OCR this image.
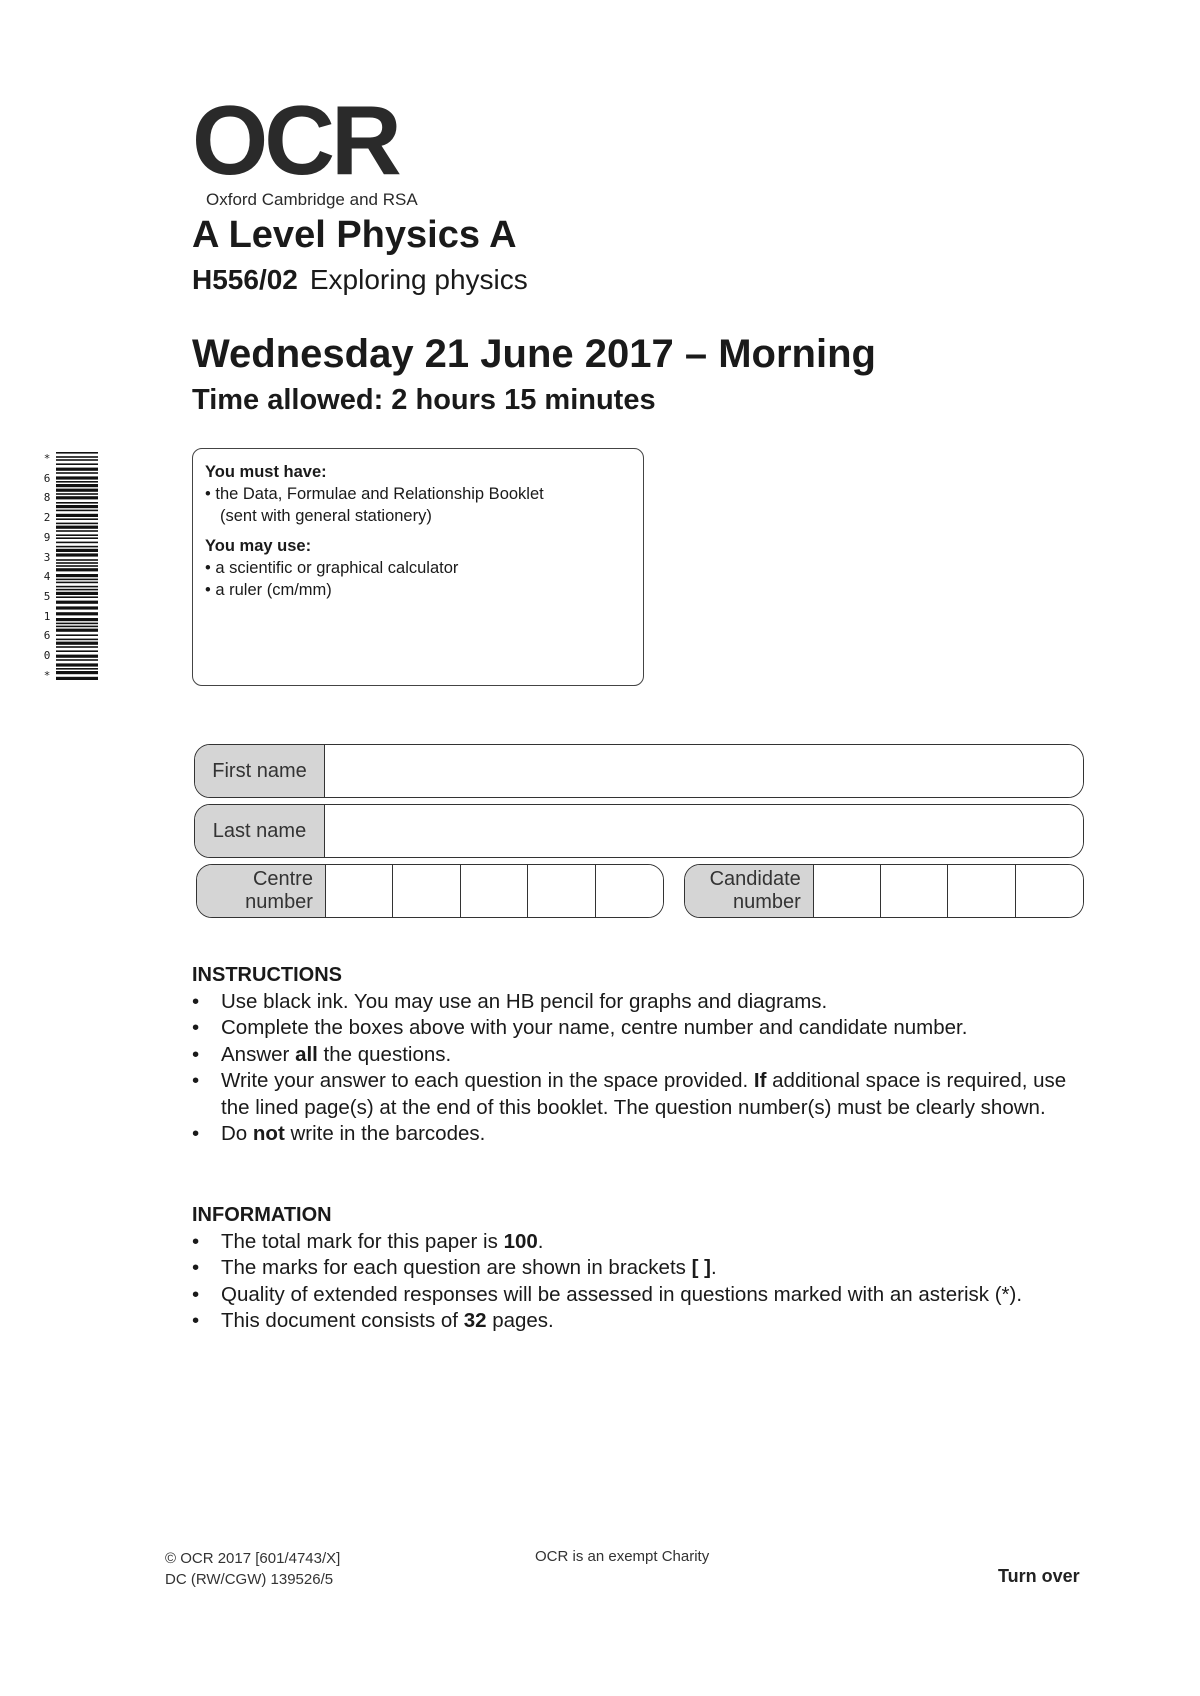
OCR
Oxford Cambridge and RSA
A Level Physics A
H556/02 Exploring physics
Wednesday 21 June 2017 – Morning
Time allowed: 2 hours 15 minutes
*
6
8
2
9
3
4
5
1
6
0
*
You must have:
• the Data, Formulae and Relationship Booklet
(sent with general stationery)
You may use:
• a scientific or graphical calculator
• a ruler (cm/mm)
First name
Last name
Centre
number
Candidate
number
INSTRUCTIONS
• Use black ink. You may use an HB pencil for graphs and diagrams.
• Complete the boxes above with your name, centre number and candidate number.
• Answer all the questions.
• Write your answer to each question in the space provided. If additional space is required, use the lined page(s) at the end of this booklet. The question number(s) must be clearly shown.
• Do not write in the barcodes.
INFORMATION
• The total mark for this paper is 100.
• The marks for each question are shown in brackets [ ].
• Quality of extended responses will be assessed in questions marked with an asterisk (*).
• This document consists of 32 pages.
© OCR 2017 [601/4743/X]
DC (RW/CGW) 139526/5
OCR is an exempt Charity
Turn over
